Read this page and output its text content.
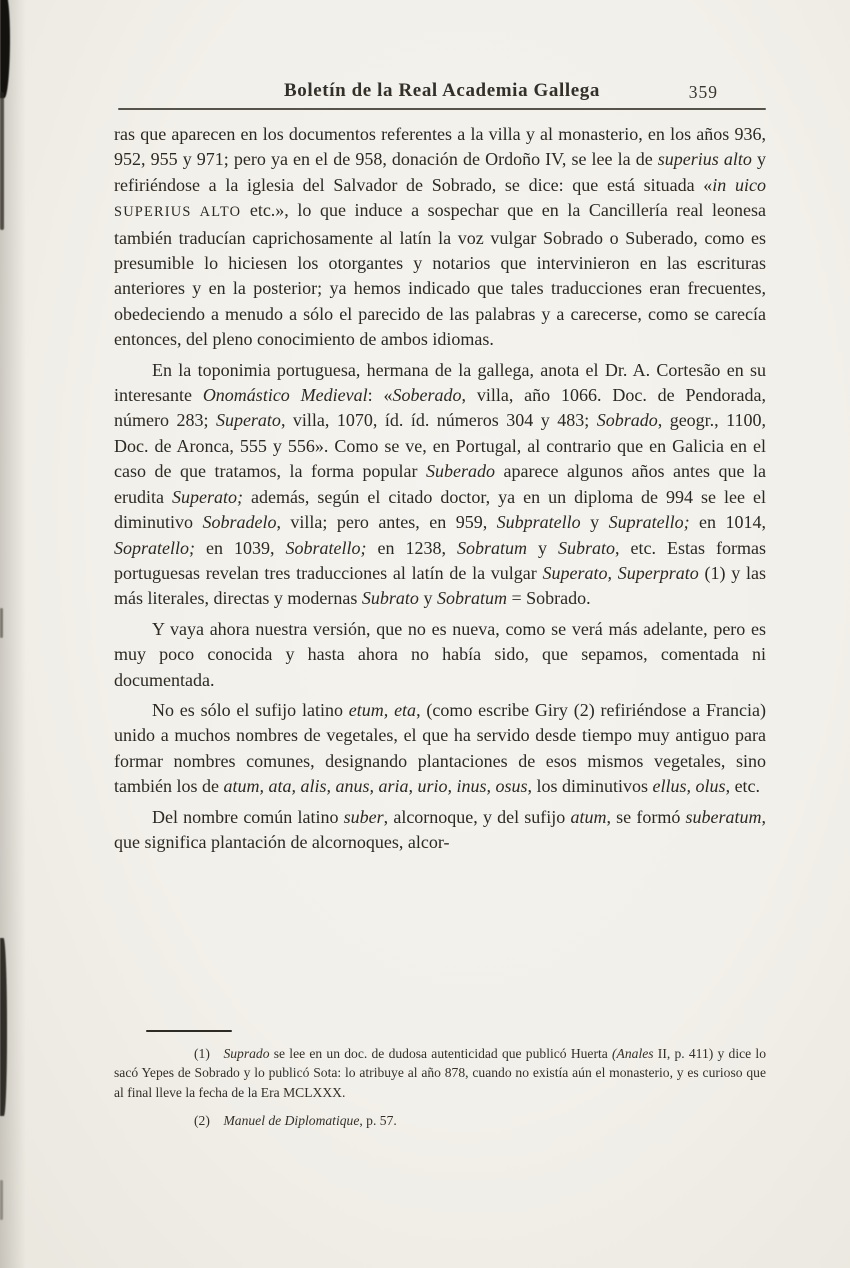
Boletín de la Real Academia Gallega	359

ras que aparecen en los documentos referentes a la villa y al monasterio, en los años 936, 952, 955 y 971; pero ya en el de 958, donación de Ordoño IV, se lee la de superius alto y refiriéndose a la iglesia del Salvador de Sobrado, se dice: que está situada «in uico SUPERIUS ALTO etc.», lo que induce a sospechar que en la Cancillería real leonesa también traducían caprichosamente al latín la voz vulgar Sobrado o Suberado, como es presumible lo hiciesen los otorgantes y notarios que intervinieron en las escrituras anteriores y en la posterior; ya hemos indicado que tales traducciones eran frecuentes, obedeciendo a menudo a sólo el parecido de las palabras y a carecerse, como se carecía entonces, del pleno conocimiento de ambos idiomas.

En la toponimia portuguesa, hermana de la gallega, anota el Dr. A. Cortesão en su interesante Onomástico Medieval: «Soberado, villa, año 1066. Doc. de Pendorada, número 283; Superato, villa, 1070, íd. íd. números 304 y 483; Sobrado, geogr., 1100, Doc. de Aronca, 555 y 556». Como se ve, en Portugal, al contrario que en Galicia en el caso de que tratamos, la forma popular Suberado aparece algunos años antes que la erudita Superato; además, según el citado doctor, ya en un diploma de 994 se lee el diminutivo Sobradelo, villa; pero antes, en 959, Subpratello y Supratello; en 1014, Sopratello; en 1039, Sobratello; en 1238, Sobratum y Subrato, etc. Estas formas portuguesas revelan tres traducciones al latín de la vulgar Superato, Superprato (1) y las más literales, directas y modernas Subrato y Sobratum = Sobrado.

Y vaya ahora nuestra versión, que no es nueva, como se verá más adelante, pero es muy poco conocida y hasta ahora no había sido, que sepamos, comentada ni documentada.

No es sólo el sufijo latino etum, eta, (como escribe Giry (2) refiriéndose a Francia) unido a muchos nombres de vegetales, el que ha servido desde tiempo muy antiguo para formar nombres comunes, designando plantaciones de esos mismos vegetales, sino también los de atum, ata, alis, anus, aria, urio, inus, osus, los diminutivos ellus, olus, etc.

Del nombre común latino suber, alcornoque, y del sufijo atum, se formó suberatum, que significa plantación de alcornoques, alcor-

(1) Suprado se lee en un doc. de dudosa autenticidad que publicó Huerta (Anales II, p. 411) y dice lo sacó Yepes de Sobrado y lo publicó Sota: lo atribuye al año 878, cuando no existía aún el monasterio, y es curioso que al final lleve la fecha de la Era MCLXXX.

(2) Manuel de Diplomatique, p. 57.
